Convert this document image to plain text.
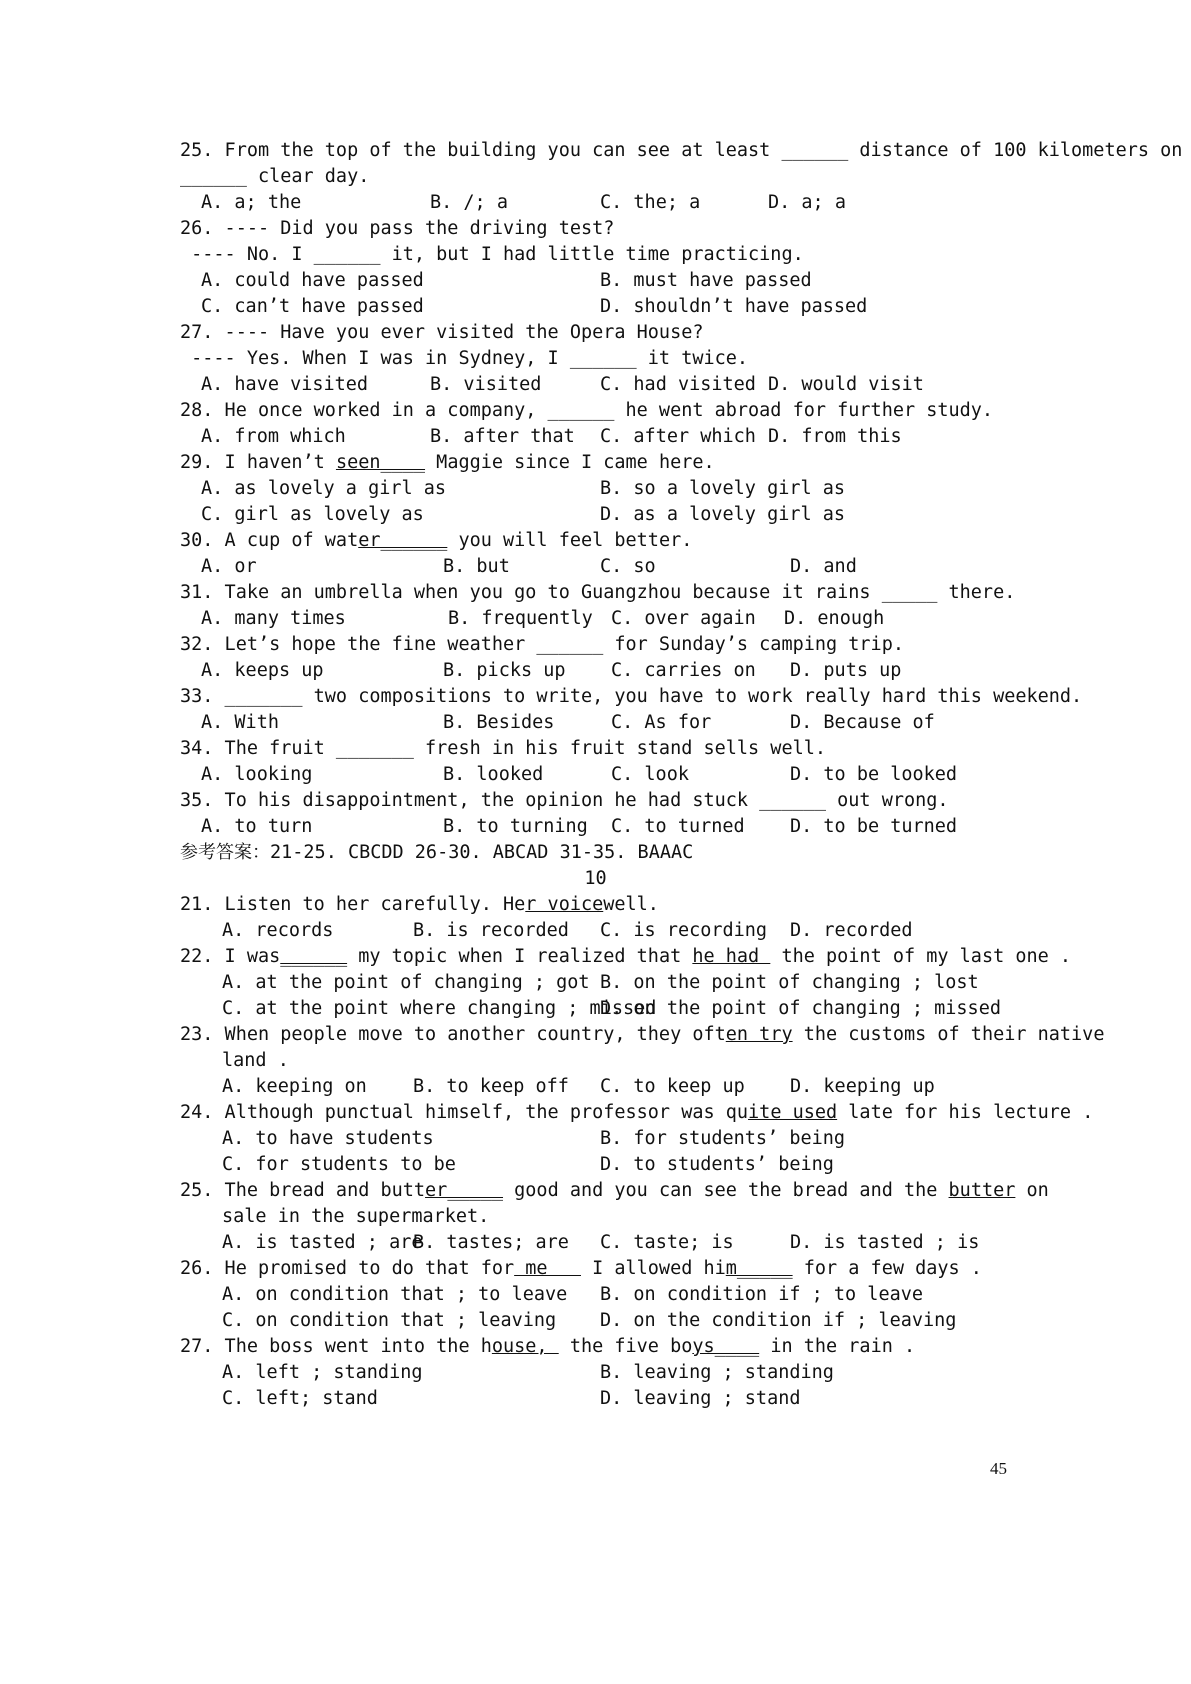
25. From the top of the building you can see at least ______ distance of 100 kilometers on
______ clear day.
A. a; the	B. /; a	C. the; a	D. a; a
26. ---- Did you pass the driving test?
---- No. I ______ it, but I had little time practicing.
A. could have passed	B. must have passed
C. can’t have passed	D. shouldn’t have passed
27. ---- Have you ever visited the Opera House?
---- Yes. When I was in Sydney, I ______ it twice.
A. have visited	B. visited	C. had visited D. would visit
28. He once worked in a company, ______ he went abroad for further study.
A. from which	B. after that C. after which D. from this
29. I haven’t seen____ Maggie since I came here.
A. as lovely a girl as	B. so a lovely girl as
C. girl as lovely as	D. as a lovely girl as
30. A cup of water______ you will feel better.
A. or	B. but	C. so	D. and
31. Take an umbrella when you go to Guangzhou because it rains _____ there.
A. many times	B. frequently C. over again D. enough
32. Let’s hope the fine weather ______ for Sunday’s camping trip.
A. keeps up	B. picks up C. carries on D. puts up
33. _______ two compositions to write, you have to work really hard this weekend.
A. With	B. Besides	C. As for	D. Because of
34. The fruit _______ fresh in his fruit stand sells well.
A. looking	B. looked	C. look	D. to be looked
35. To his disappointment, the opinion he had stuck ______ out wrong.
A. to turn	B. to turning C. to turned D. to be turned
参考答案：21-25. CBCDD 26-30. ABCAD 31-35. BAAAC
10
21. Listen to her carefully. Her voicewell.
A. records	B. is recorded C. is recording D. recorded
22. I was______ my topic when I realized that he had  the point of my last one .
A. at the point of changing ; got B. on the point of changing ; lost
C. at the point where changing ; missed
D. on the point of changing ; missed
23. When people move to another country, they often try the customs of their native
land .
A. keeping on B. to keep off C. to keep up D. keeping up
24. Although punctual himself, the professor was quite used late for his lecture .
A. to have students	B. for students’ being
C. for students to be	D. to students’ being
25. The bread and butter_____ good and you can see the bread and the butter on
sale in the supermarket.
A. is tasted ; are
B. tastes; are C. taste; is	D. is tasted ; is
26. He promised to do that for me    I allowed him_____ for a few days .
A. on condition that ; to leave B. on condition if ; to leave
C. on condition that ; leaving D. on the condition if ; leaving
27. The boss went into the house,  the five boys____ in the rain .
A. left ; standing	B. leaving ; standing
C. left; stand	D. leaving ; stand
45
